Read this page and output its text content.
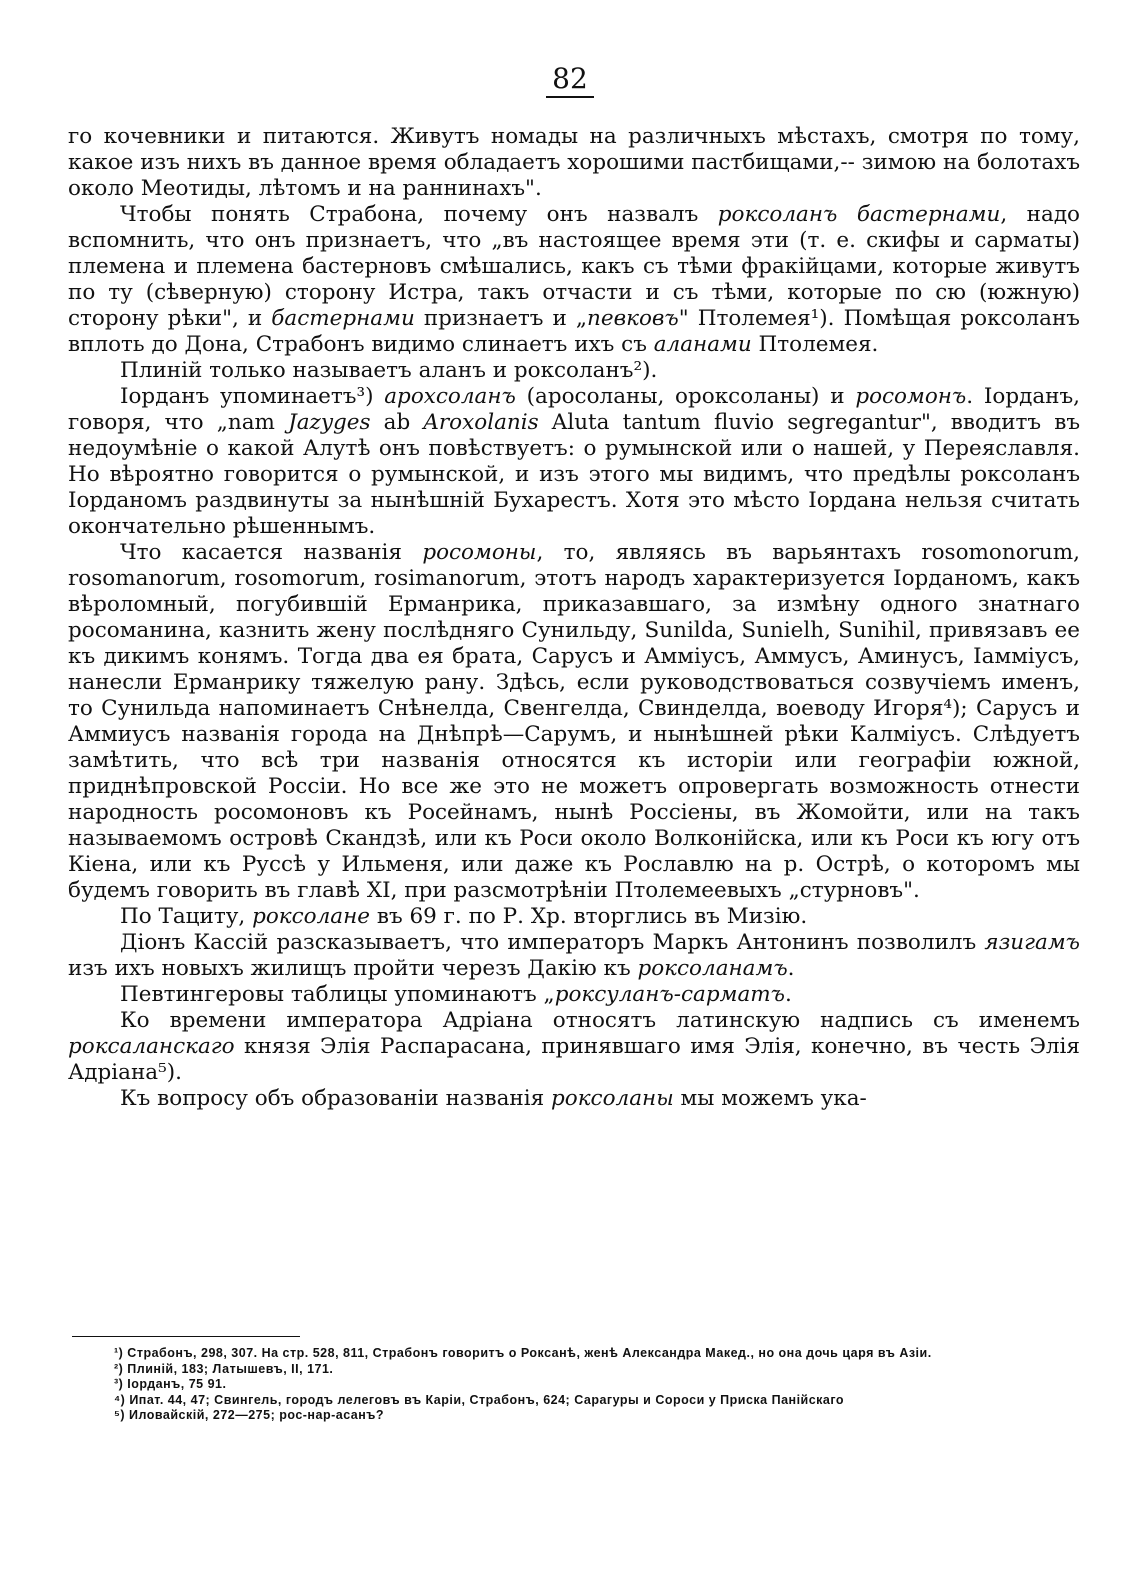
82

го кочевники и питаются. Живутъ номады на различныхъ мѣстахъ, смотря по тому, какое изъ нихъ въ данное время обладаетъ хорошими пастбищами,-- зимою на болотахъ около Меотиды, лѣтомъ и на раннинахъ".

Чтобы понять Страбона, почему онъ назвалъ роксоланъ бастернами, надо вспомнить, что онъ признаетъ, что „въ настоящее время эти (т. е. скифы и сарматы) племена и племена бастерновъ смѣшались, какъ съ тѣми фракійцами, которые живутъ по ту (сѣверную) сторону Истра, такъ отчасти и съ тѣми, которые по сю (южную) сторону рѣки", и бастернами признаетъ и „певковъ" Птолемея¹). Помѣщая роксоланъ вплоть до Дона, Страбонъ видимо слинаетъ ихъ съ аланами Птолемея.

Плиній только называетъ аланъ и роксоланъ²).

Іорданъ упоминаетъ³) арохсоланъ (аросоланы, ороксоланы) и росомонъ. Іорданъ, говоря, что „nam Jazyges ab Aroxolanis Aluta tantum fluvio segregantur", вводитъ въ недоумѣніе о какой Алутѣ онъ повѣствуетъ: о румынской или о нашей, у Переяславля. Но вѣроятно говорится о румынской, и изъ этого мы видимъ, что предѣлы роксоланъ Іорданомъ раздвинуты за нынѣшній Бухарестъ. Хотя это мѣсто Іордана нельзя считать окончательно рѣшеннымъ.

Что касается названія росомоны, то, являясь въ варьянтахъ rosomonorum, rosomanorum, rosomorum, rosimanorum, этотъ народъ характеризуется Іорданомъ, какъ вѣроломный, погубившій Ерманрика, приказавшаго, за измѣну одного знатнаго росоманина, казнить жену послѣдняго Сунильду, Sunilda, Sunielh, Sunihil, привязавъ ее къ дикимъ конямъ. Тогда два ея брата, Сарусъ и Амміусъ, Аммусъ, Аминусъ, Іамміусъ, нанесли Ерманрику тяжелую рану. Здѣсь, если руководствоваться созвучіемъ именъ, то Сунильда напоминаетъ Снѣнелда, Свенгелда, Свинделда, воеводу Игоря⁴); Сарусъ и Аммиусъ названія города на Днѣпрѣ—Сарумъ, и нынѣшней рѣки Калміусъ. Слѣдуетъ замѣтить, что всѣ три названія относятся къ исторіи или географіи южной, приднѣпровской Россіи. Но все же это не можетъ опровергать возможность отнести народность росомоновъ къ Росейнамъ, нынѣ Россіены, въ Жомойти, или на такъ называемомъ островѣ Скандзѣ, или къ Роси около Волконійска, или къ Роси къ югу отъ Кіена, или къ Руссѣ у Ильменя, или даже къ Рославлю на р. Острѣ, о которомъ мы будемъ говорить въ главѣ XI, при разсмотрѣніи Птолемеевыхъ „стурновъ".

По Тациту, роксолане въ 69 г. по Р. Хр. вторглись въ Мизію.

Діонъ Кассій разсказываетъ, что императоръ Маркъ Антонинъ позволилъ язигамъ изъ ихъ новыхъ жилищъ пройти черезъ Дакію къ роксоланамъ.

Певтингеровы таблицы упоминаютъ „роксуланъ-сарматъ.

Ко времени императора Адріана относятъ латинскую надпись съ именемъ роксаланскаго князя Элія Распарасана, принявшаго имя Элія, конечно, въ честь Элія Адріана⁵).

Къ вопросу объ образованіи названія роксоланы мы можемъ ука-

¹) Страбонъ, 298, 307. На стр. 528, 811, Страбонъ говоритъ о Роксанѣ, женѣ Александра Макед., но она дочь царя въ Азіи.

²) Плиній, 183; Латышевъ, II, 171.

³) Іорданъ, 75 91.

⁴) Ипат. 44, 47; Свингель, городъ лелеговъ въ Каріи, Страбонъ, 624; Сарагуры и Сороси у Приска Панійскаго

⁵) Иловайскій, 272—275; рос-нар-асанъ?
